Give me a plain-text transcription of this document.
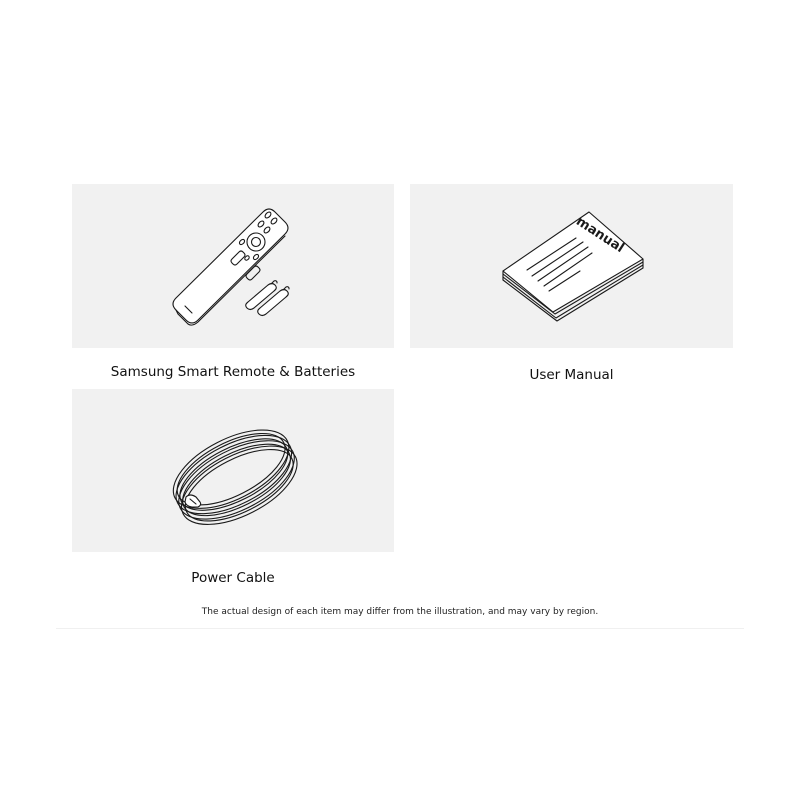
manual
Samsung Smart Remote & Batteries	User Manual
Power Cable
The actual design of each item may differ from the illustration, and may vary by region.
